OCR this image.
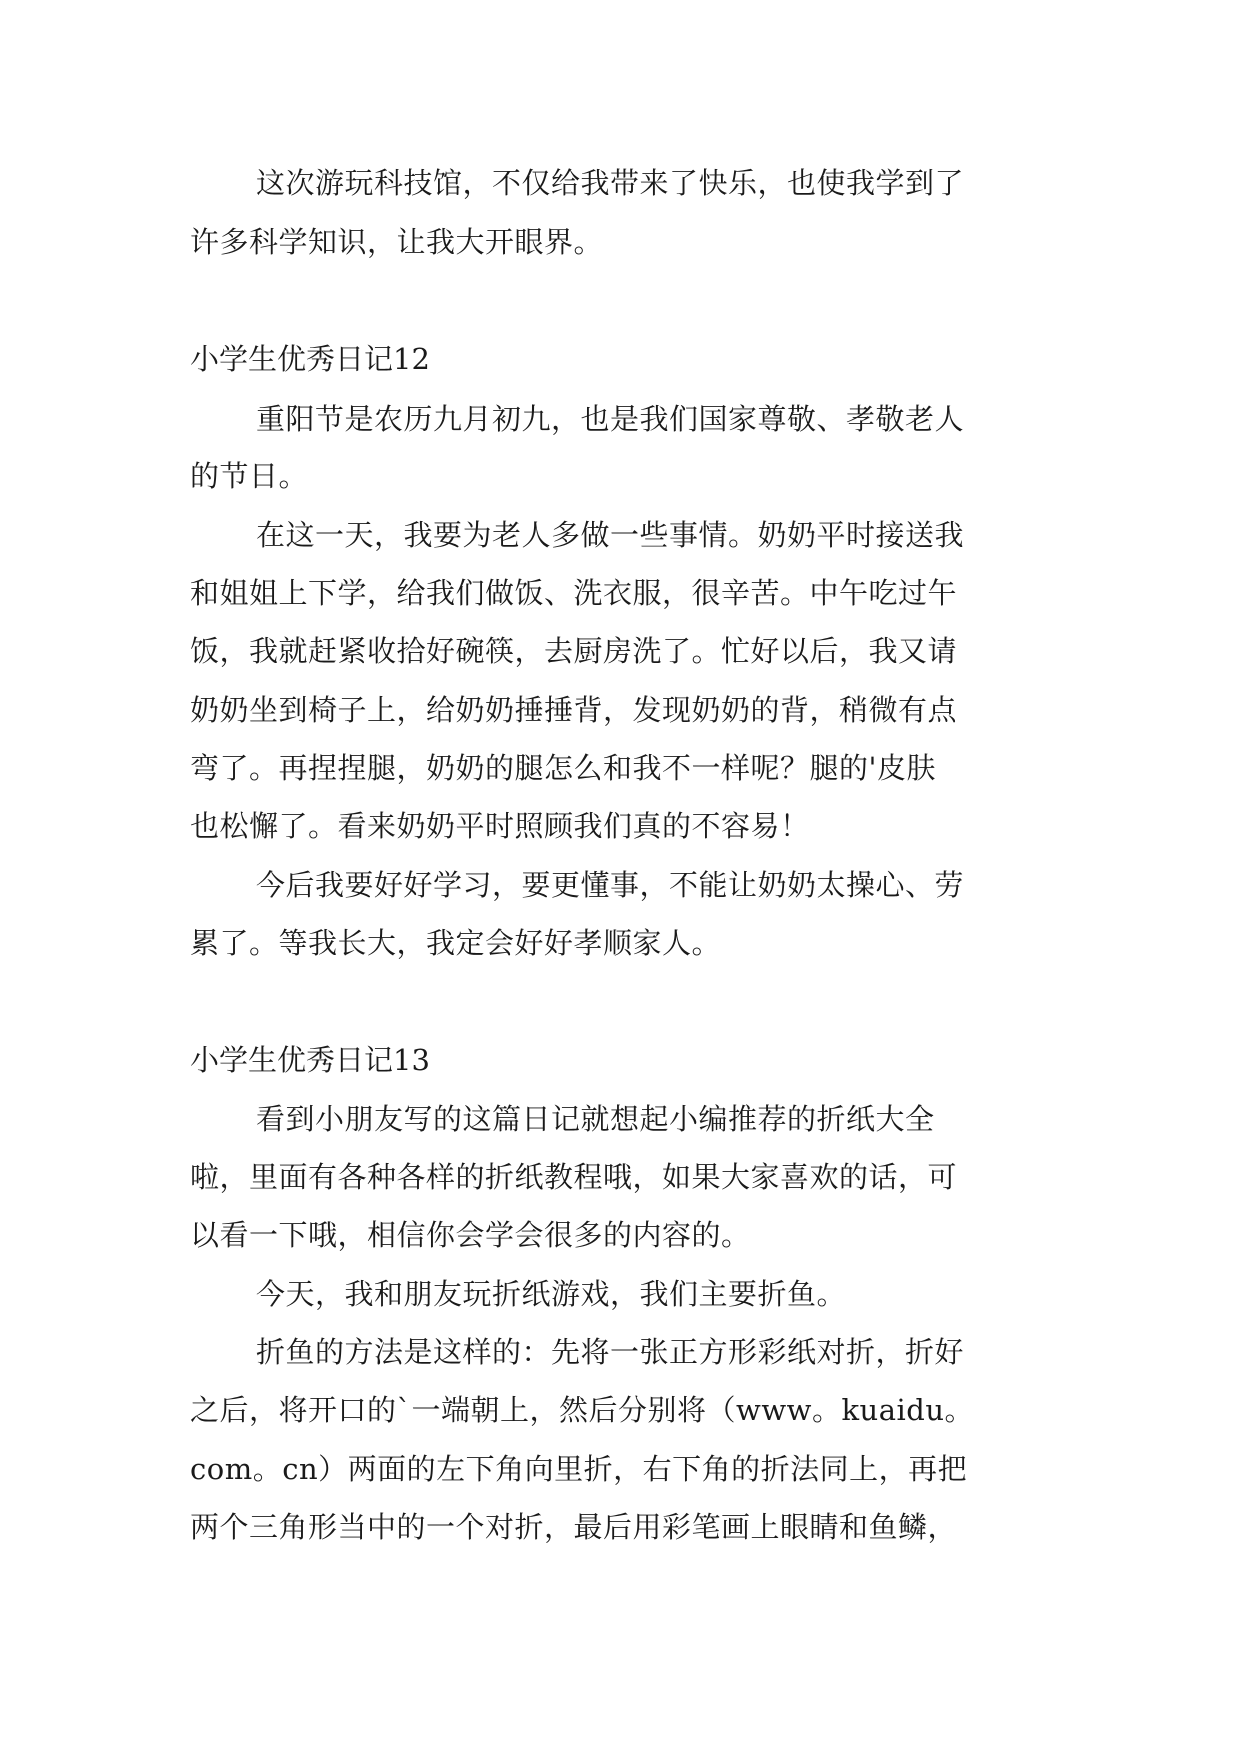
这次游玩科技馆，不仅给我带来了快乐，也使我学到了

许多科学知识，让我大开眼界。

小学生优秀日记12

重阳节是农历九月初九，也是我们国家尊敬、孝敬老人

的节日。

在这一天，我要为老人多做一些事情。奶奶平时接送我

和姐姐上下学，给我们做饭、洗衣服，很辛苦。中午吃过午

饭，我就赶紧收拾好碗筷，去厨房洗了。忙好以后，我又请

奶奶坐到椅子上，给奶奶捶捶背，发现奶奶的背，稍微有点

弯了。再捏捏腿，奶奶的腿怎么和我不一样呢？腿的'皮肤

也松懈了。看来奶奶平时照顾我们真的不容易！

今后我要好好学习，要更懂事，不能让奶奶太操心、劳

累了。等我长大，我定会好好孝顺家人。

小学生优秀日记13

看到小朋友写的这篇日记就想起小编推荐的折纸大全

啦，里面有各种各样的折纸教程哦，如果大家喜欢的话，可

以看一下哦，相信你会学会很多的内容的。

今天，我和朋友玩折纸游戏，我们主要折鱼。

折鱼的方法是这样的：先将一张正方形彩纸对折，折好

之后，将开口的`一端朝上，然后分别将（www。kuaidu。

com。cn）两面的左下角向里折，右下角的折法同上，再把

两个三角形当中的一个对折，最后用彩笔画上眼睛和鱼鳞，
